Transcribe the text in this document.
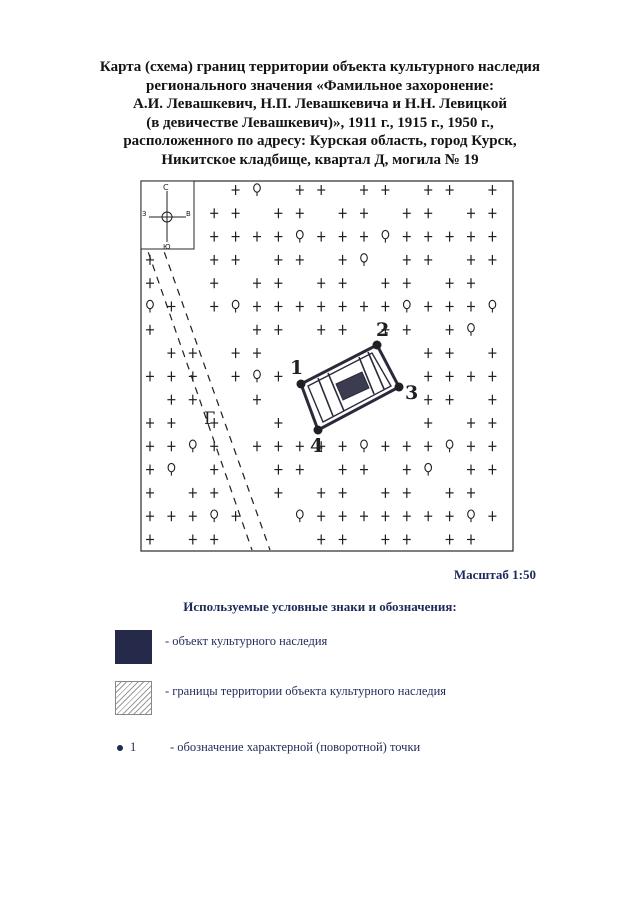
Карта (схема) границ территории объекта культурного наследия
регионального значения «Фамильное захоронение:
А.И. Левашкевич, Н.П. Левашкевича и Н.Н. Левицкой
(в девичестве Левашкевич)», 1911 г., 1915 г., 1950 г.,
расположенного по адресу: Курская область, город Курск,
Никитское кладбище, квартал Д, могила № 19
Г
С
Ю
З	В
1
2
3
4
Масштаб 1:50
Используемые условные знаки и обозначения:
- объект культурного наследия
- границы территории объекта культурного наследия
1	- обозначение характерной (поворотной) точки
